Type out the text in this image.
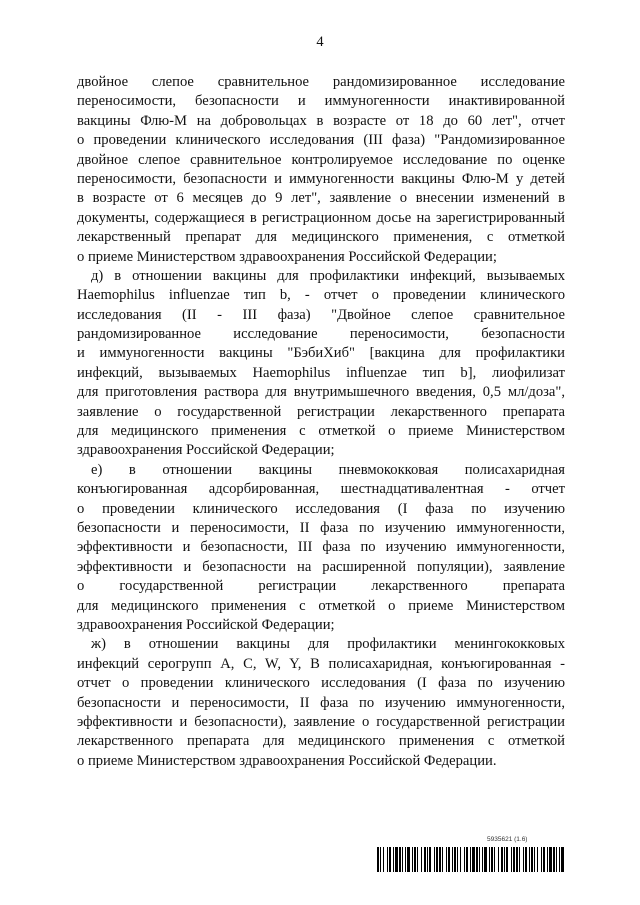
4
двойное слепое сравнительное рандомизированное исследование
переносимости, безопасности и иммуногенности инактивированной
вакцины Флю-М на добровольцах в возрасте от 18 до 60 лет", отчет
о проведении клинического исследования (III фаза) "Рандомизированное
двойное слепое сравнительное контролируемое исследование по оценке
переносимости, безопасности и иммуногенности вакцины Флю-М у детей
в возрасте от 6 месяцев до 9 лет", заявление о внесении изменений в
документы, содержащиеся в регистрационном досье на зарегистрированный
лекарственный препарат для медицинского применения, с отметкой
о приеме Министерством здравоохранения Российской Федерации;
д) в отношении вакцины для профилактики инфекций, вызываемых
Haemophilus influenzae тип b, - отчет о проведении клинического
исследования (II - III фаза) "Двойное слепое сравнительное
рандомизированное исследование переносимости, безопасности
и иммуногенности вакцины "БэбиХиб" [вакцина для профилактики
инфекций, вызываемых Haemophilus influenzae тип b], лиофилизат
для приготовления раствора для внутримышечного введения, 0,5 мл/доза",
заявление о государственной регистрации лекарственного препарата
для медицинского применения с отметкой о приеме Министерством
здравоохранения Российской Федерации;
е) в отношении вакцины пневмококковая полисахаридная
конъюгированная адсорбированная, шестнадцативалентная - отчет
о проведении клинического исследования (I фаза по изучению
безопасности и переносимости, II фаза по изучению иммуногенности,
эффективности и безопасности, III фаза по изучению иммуногенности,
эффективности и безопасности на расширенной популяции), заявление
о государственной регистрации лекарственного препарата
для медицинского применения с отметкой о приеме Министерством
здравоохранения Российской Федерации;
ж) в отношении вакцины для профилактики менингококковых
инфекций серогрупп A, C, W, Y, B полисахаридная, конъюгированная -
отчет о проведении клинического исследования (I фаза по изучению
безопасности и переносимости, II фаза по изучению иммуногенности,
эффективности и безопасности), заявление о государственной регистрации
лекарственного препарата для медицинского применения с отметкой
о приеме Министерством здравоохранения Российской Федерации.
5935621 (1.6)
